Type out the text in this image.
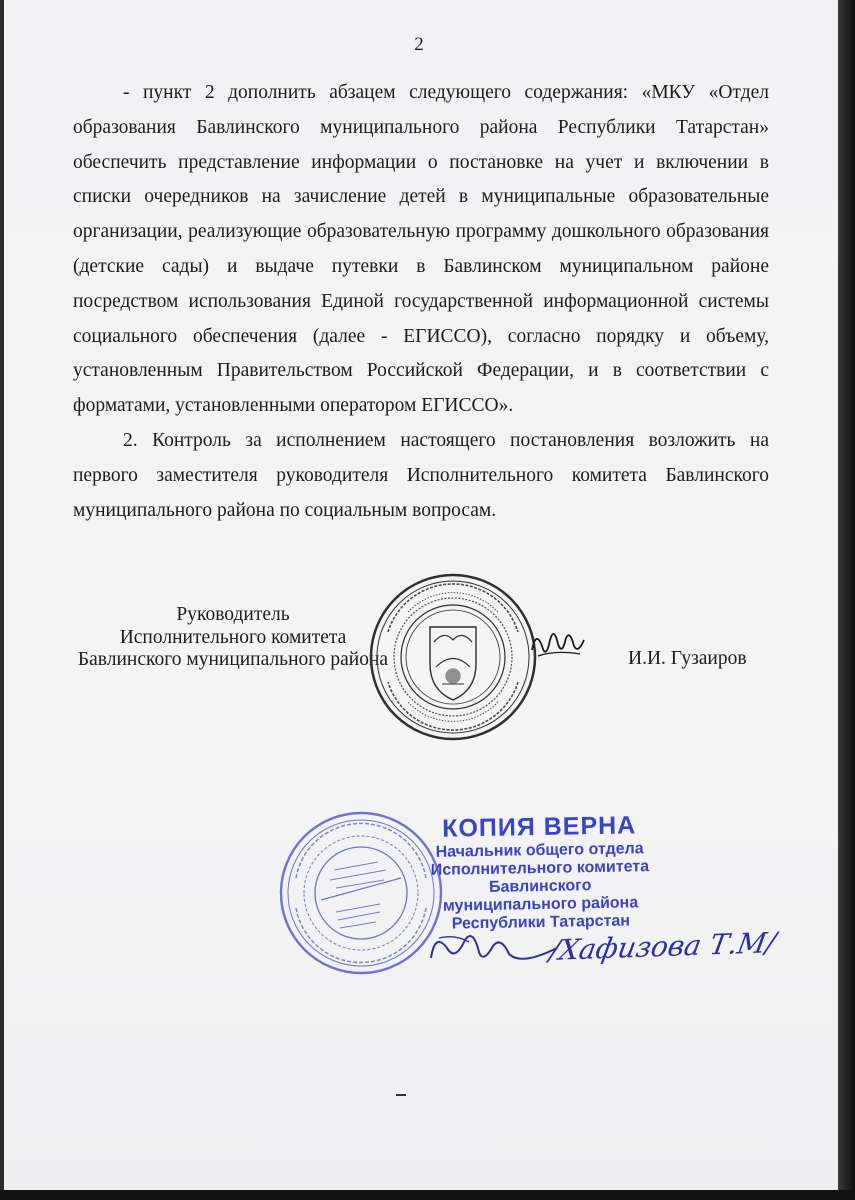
2

- пункт 2 дополнить абзацем следующего содержания: «МКУ «Отдел образования Бавлинского муниципального района Республики Татарстан» обеспечить представление информации о постановке на учет и включении в списки очередников на зачисление детей в муниципальные образовательные организации, реализующие образовательную программу дошкольного образования (детские сады) и выдаче путевки в Бавлинском муниципальном районе посредством использования Единой государственной информационной системы социального обеспечения (далее - ЕГИССО), согласно порядку и объему, установленным Правительством Российской Федерации, и в соответствии с форматами, установленными оператором ЕГИССО».

2. Контроль за исполнением настоящего постановления возложить на первого заместителя руководителя Исполнительного комитета Бавлинского муниципального района по социальным вопросам.

Руководитель
Исполнительного комитета
Бавлинского муниципального района	И.И. Гузаиров
КОПИЯ ВЕРНА
Начальник общего отдела
Исполнительного комитета
Бавлинского
муниципального района
Республики Татарстан
/Хафизова Т.М/
